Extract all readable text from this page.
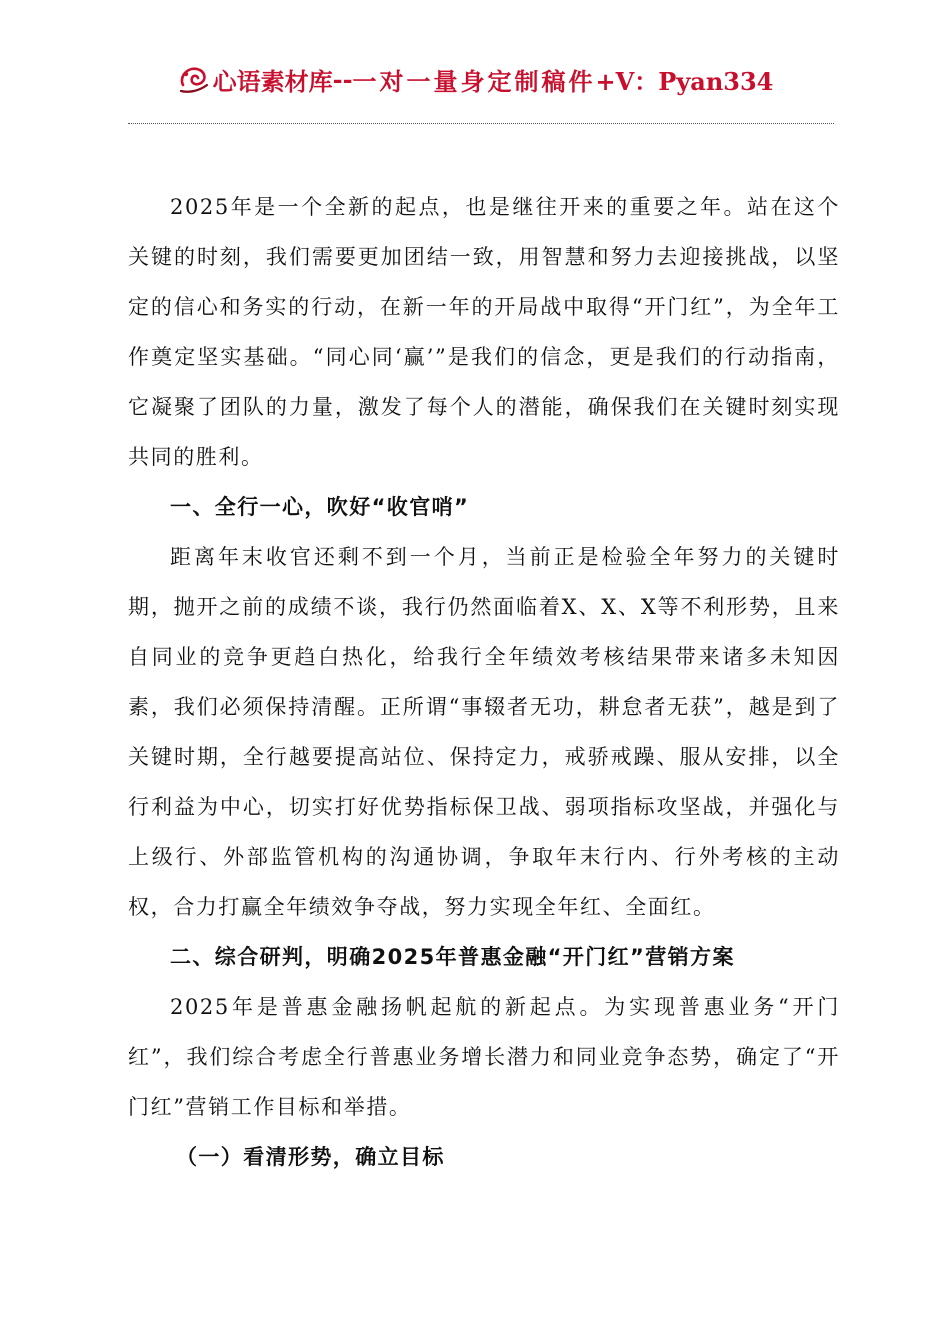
心语素材库 -- 一对一量身定制稿件 +V：Pyan334

2025年是一个全新的起点，也是继往开来的重要之年。站在这个关键的时刻，我们需要更加团结一致，用智慧和努力去迎接挑战，以坚定的信心和务实的行动，在新一年的开局战中取得“开门红”，为全年工作奠定坚实基础。“同心同‘赢’”是我们的信念，更是我们的行动指南，它凝聚了团队的力量，激发了每个人的潜能，确保我们在关键时刻实现共同的胜利。

一、全行一心，吹好“收官哨”

距离年末收官还剩不到一个月，当前正是检验全年努力的关键时期，抛开之前的成绩不谈，我行仍然面临着X、X、X等不利形势，且来自同业的竞争更趋白热化，给我行全年绩效考核结果带来诸多未知因素，我们必须保持清醒。正所谓“事辍者无功，耕怠者无获”，越是到了关键时期，全行越要提高站位、保持定力，戒骄戒躁、服从安排，以全行利益为中心，切实打好优势指标保卫战、弱项指标攻坚战，并强化与上级行、外部监管机构的沟通协调，争取年末行内、行外考核的主动权，合力打赢全年绩效争夺战，努力实现全年红、全面红。

二、综合研判，明确2025年普惠金融“开门红”营销方案

2025年是普惠金融扬帆起航的新起点。为实现普惠业务“开门红”，我们综合考虑全行普惠业务增长潜力和同业竞争态势，确定了“开门红”营销工作目标和举措。

（一）看清形势，确立目标
